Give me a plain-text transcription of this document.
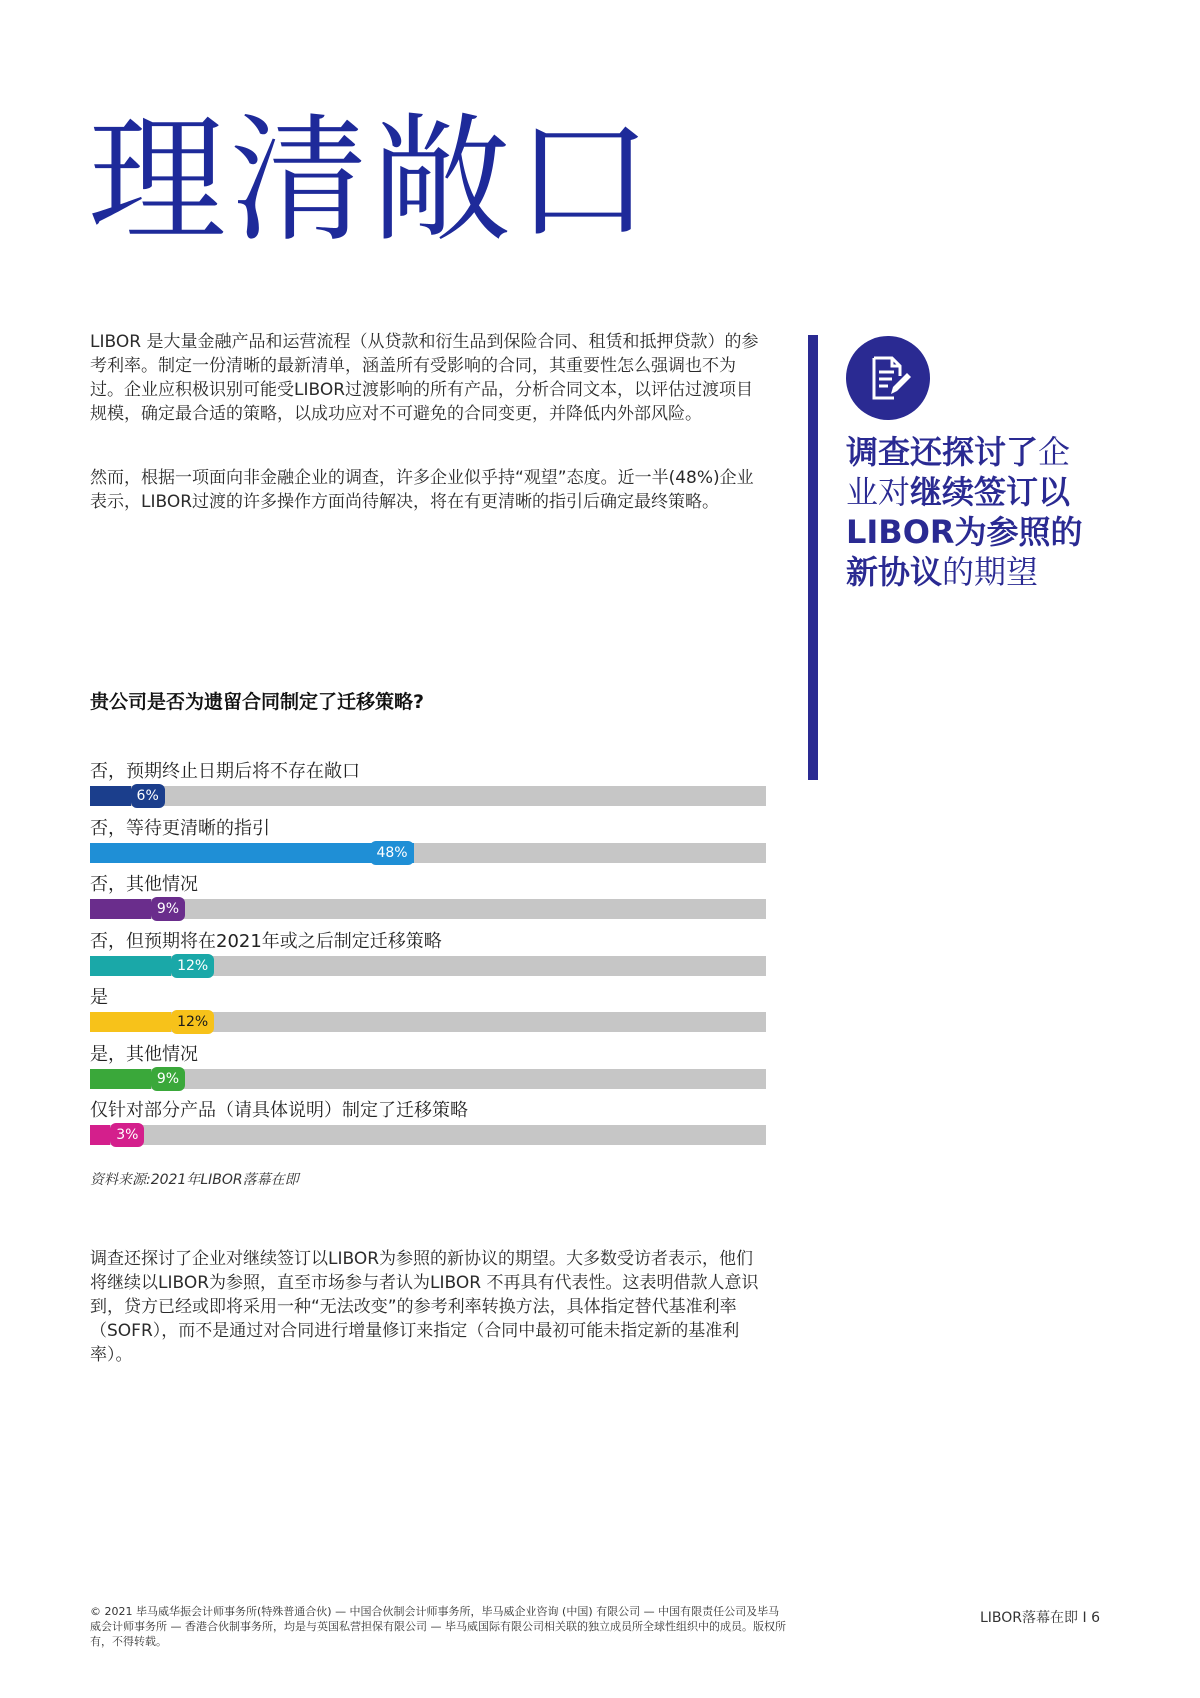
理清敞口

LIBOR 是大量金融产品和运营流程（从贷款和衍生品到保险合同、租赁和抵押贷款）的参考利率。制定一份清晰的最新清单，涵盖所有受影响的合同，其重要性怎么强调也不为过。企业应积极识别可能受LIBOR过渡影响的所有产品，分析合同文本，以评估过渡项目规模，确定最合适的策略，以成功应对不可避免的合同变更，并降低内外部风险。

然而，根据一项面向非金融企业的调查，许多企业似乎持“观望”态度。近一半(48%)企业表示，LIBOR过渡的许多操作方面尚待解决，将在有更清晰的指引后确定最终策略。

调查还探讨了企业对继续签订以LIBOR为参照的新协议的期望

贵公司是否为遗留合同制定了迁移策略?
否，预期终止日期后将不存在敞口
6%
否，等待更清晰的指引
48%
否，其他情况
9%
否，但预期将在2021年或之后制定迁移策略
12%
是
12%
是，其他情况
9%
仅针对部分产品（请具体说明）制定了迁移策略
3%

资料来源:2021年LIBOR落幕在即

调查还探讨了企业对继续签订以LIBOR为参照的新协议的期望。大多数受访者表示，他们将继续以LIBOR为参照，直至市场参与者认为LIBOR 不再具有代表性。这表明借款人意识到，贷方已经或即将采用一种“无法改变”的参考利率转换方法，具体指定替代基准利率（SOFR），而不是通过对合同进行增量修订来指定（合同中最初可能未指定新的基准利率）。

© 2021 毕马威华振会计师事务所(特殊普通合伙) — 中国合伙制会计师事务所，毕马威企业咨询 (中国) 有限公司 — 中国有限责任公司及毕马威会计师事务所 — 香港合伙制事务所，均是与英国私营担保有限公司 — 毕马威国际有限公司相关联的独立成员所全球性组织中的成员。版权所有，不得转载。

LIBOR落幕在即 I 6
